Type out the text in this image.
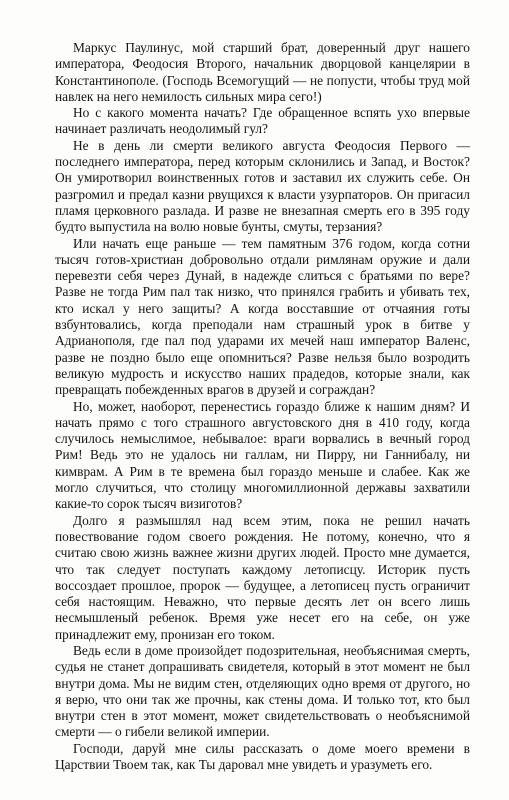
Маркус Паулинус, мой старший брат, доверенный друг нашего императора, Феодосия Второго, начальник дворцовой канцелярии в Константинополе. (Господь Всемогущий — не попусти, чтобы труд мой навлек на него немилость сильных мира сего!)

Но с какого момента начать? Где обращенное вспять ухо впервые начинает различать неодолимый гул?

Не в день ли смерти великого августа Феодосия Первого — последнего императора, перед которым склонились и Запад, и Восток? Он умиротворил воинственных готов и заставил их служить себе. Он разгромил и предал казни рвущихся к власти узурпаторов. Он пригасил пламя церковного разлада. И разве не внезапная смерть его в 395 году будто выпустила на волю новые бунты, смуты, терзания?

Или начать еще раньше — тем памятным 376 годом, когда сотни тысяч готов-христиан добровольно отдали римлянам оружие и дали перевезти себя через Дунай, в надежде слиться с братьями по вере? Разве не тогда Рим пал так низко, что принялся грабить и убивать тех, кто искал у него защиты? А когда восставшие от отчаяния готы взбунтовались, когда преподали нам страшный урок в битве у Адрианополя, где пал под ударами их мечей наш император Валенс, разве не поздно было еще опомниться? Разве нельзя было возродить великую мудрость и искусство наших прадедов, которые знали, как превращать побежденных врагов в друзей и сограждан?

Но, может, наоборот, перенестись гораздо ближе к нашим дням? И начать прямо с того страшного августовского дня в 410 году, когда случилось немыслимое, небывалое: враги ворвались в вечный город Рим! Ведь это не удалось ни галлам, ни Пирру, ни Ганнибалу, ни кимврам. А Рим в те времена был гораздо меньше и слабее. Как же могло случиться, что столицу многомиллионной державы захватили какие-то сорок тысяч визиготов?

Долго я размышлял над всем этим, пока не решил начать повествование годом своего рождения. Не потому, конечно, что я считаю свою жизнь важнее жизни других людей. Просто мне думается, что так следует поступать каждому летописцу. Историк пусть воссоздает прошлое, пророк — будущее, а летописец пусть ограничит себя настоящим. Неважно, что первые десять лет он всего лишь несмышленый ребенок. Время уже несет его на себе, он уже принадлежит ему, пронизан его током.

Ведь если в доме произойдет подозрительная, необъяснимая смерть, судья не станет допрашивать свидетеля, который в этот момент не был внутри дома. Мы не видим стен, отделяющих одно время от другого, но я верю, что они так же прочны, как стены дома. И только тот, кто был внутри стен в этот момент, может свидетельствовать о необъяснимой смерти — о гибели великой империи.

Господи, даруй мне силы рассказать о доме моего времени в Царствии Твоем так, как Ты даровал мне увидеть и уразуметь его.
